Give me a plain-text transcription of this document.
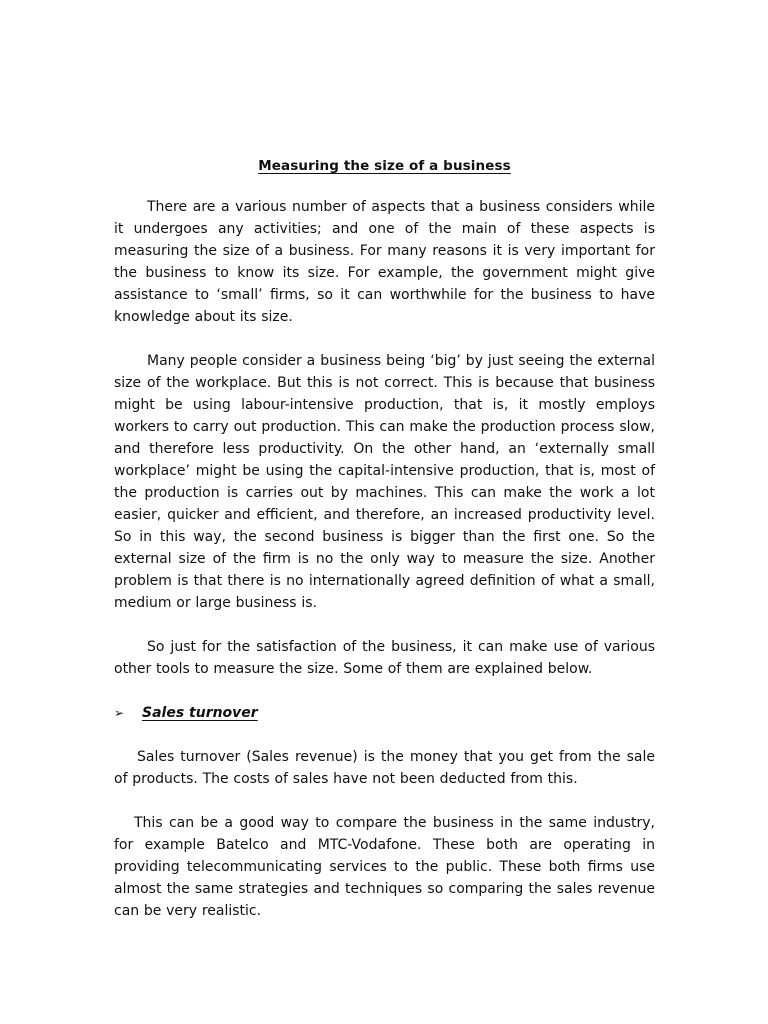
Measuring the size of a business

There are a various number of aspects that a business considers while it undergoes any activities; and one of the main of these aspects is measuring the size of a business. For many reasons it is very important for the business to know its size. For example, the government might give assistance to ‘small’ firms, so it can worthwhile for the business to have knowledge about its size.

Many people consider a business being ‘big’ by just seeing the external size of the workplace. But this is not correct. This is because that business might be using labour-intensive production, that is, it mostly employs workers to carry out production. This can make the production process slow, and therefore less productivity. On the other hand, an ‘externally small workplace’ might be using the capital-intensive production, that is, most of the production is carries out by machines. This can make the work a lot easier, quicker and efficient, and therefore, an increased productivity level. So in this way, the second business is bigger than the first one. So the external size of the firm is no the only way to measure the size. Another problem is that there is no internationally agreed definition of what a small, medium or large business is.

So just for the satisfaction of the business, it can make use of various other tools to measure the size. Some of them are explained below.

➢	Sales turnover

Sales turnover (Sales revenue) is the money that you get from the sale of products. The costs of sales have not been deducted from this.

This can be a good way to compare the business in the same industry, for example Batelco and MTC-Vodafone. These both are operating in providing telecommunicating services to the public. These both firms use almost the same strategies and techniques so comparing the sales revenue can be very realistic.
